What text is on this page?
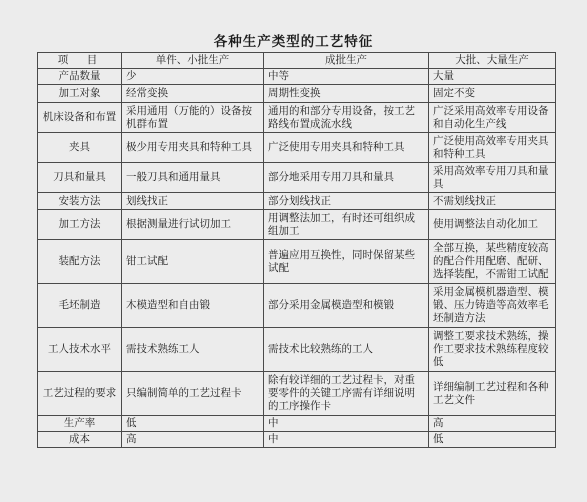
各种生产类型的工艺特征
项　目	单件、小批生产	成批生产	大批、大量生产
产品数量	少	中等	大量
加工对象	经常变换	周期性变换	固定不变
机床设备和布置	采用通用（万能的）设备按机群布置	通用的和部分专用设备，按工艺路线布置成流水线	广泛采用高效率专用设备和自动化生产线
夹具	极少用专用夹具和特种工具	广泛使用专用夹具和特种工具	广泛使用高效率专用夹具和特种工具
刀具和量具	一般刀具和通用量具	部分地采用专用刀具和量具	采用高效率专用刀具和量具
安装方法	划线找正	部分划线找正	不需划线找正
加工方法	根据测量进行试切加工	用调整法加工，有时还可组织成组加工	使用调整法自动化加工
装配方法	钳工试配	普遍应用互换性，同时保留某些试配	全部互换，某些精度较高的配合件用配磨、配研、选择装配，不需钳工试配
毛坯制造	木模造型和自由锻	部分采用金属模造型和模锻	采用金属模机器造型、模锻、压力铸造等高效率毛坯制造方法
工人技术水平	需技术熟练工人	需技术比较熟练的工人	调整工要求技术熟练，操作工要求技术熟练程度较低
工艺过程的要求	只编制简单的工艺过程卡	除有较详细的工艺过程卡，对重要零件的关键工序需有详细说明的工序操作卡	详细编制工艺过程和各种工艺文件
生产率	低	中	高
成本	高	中	低
